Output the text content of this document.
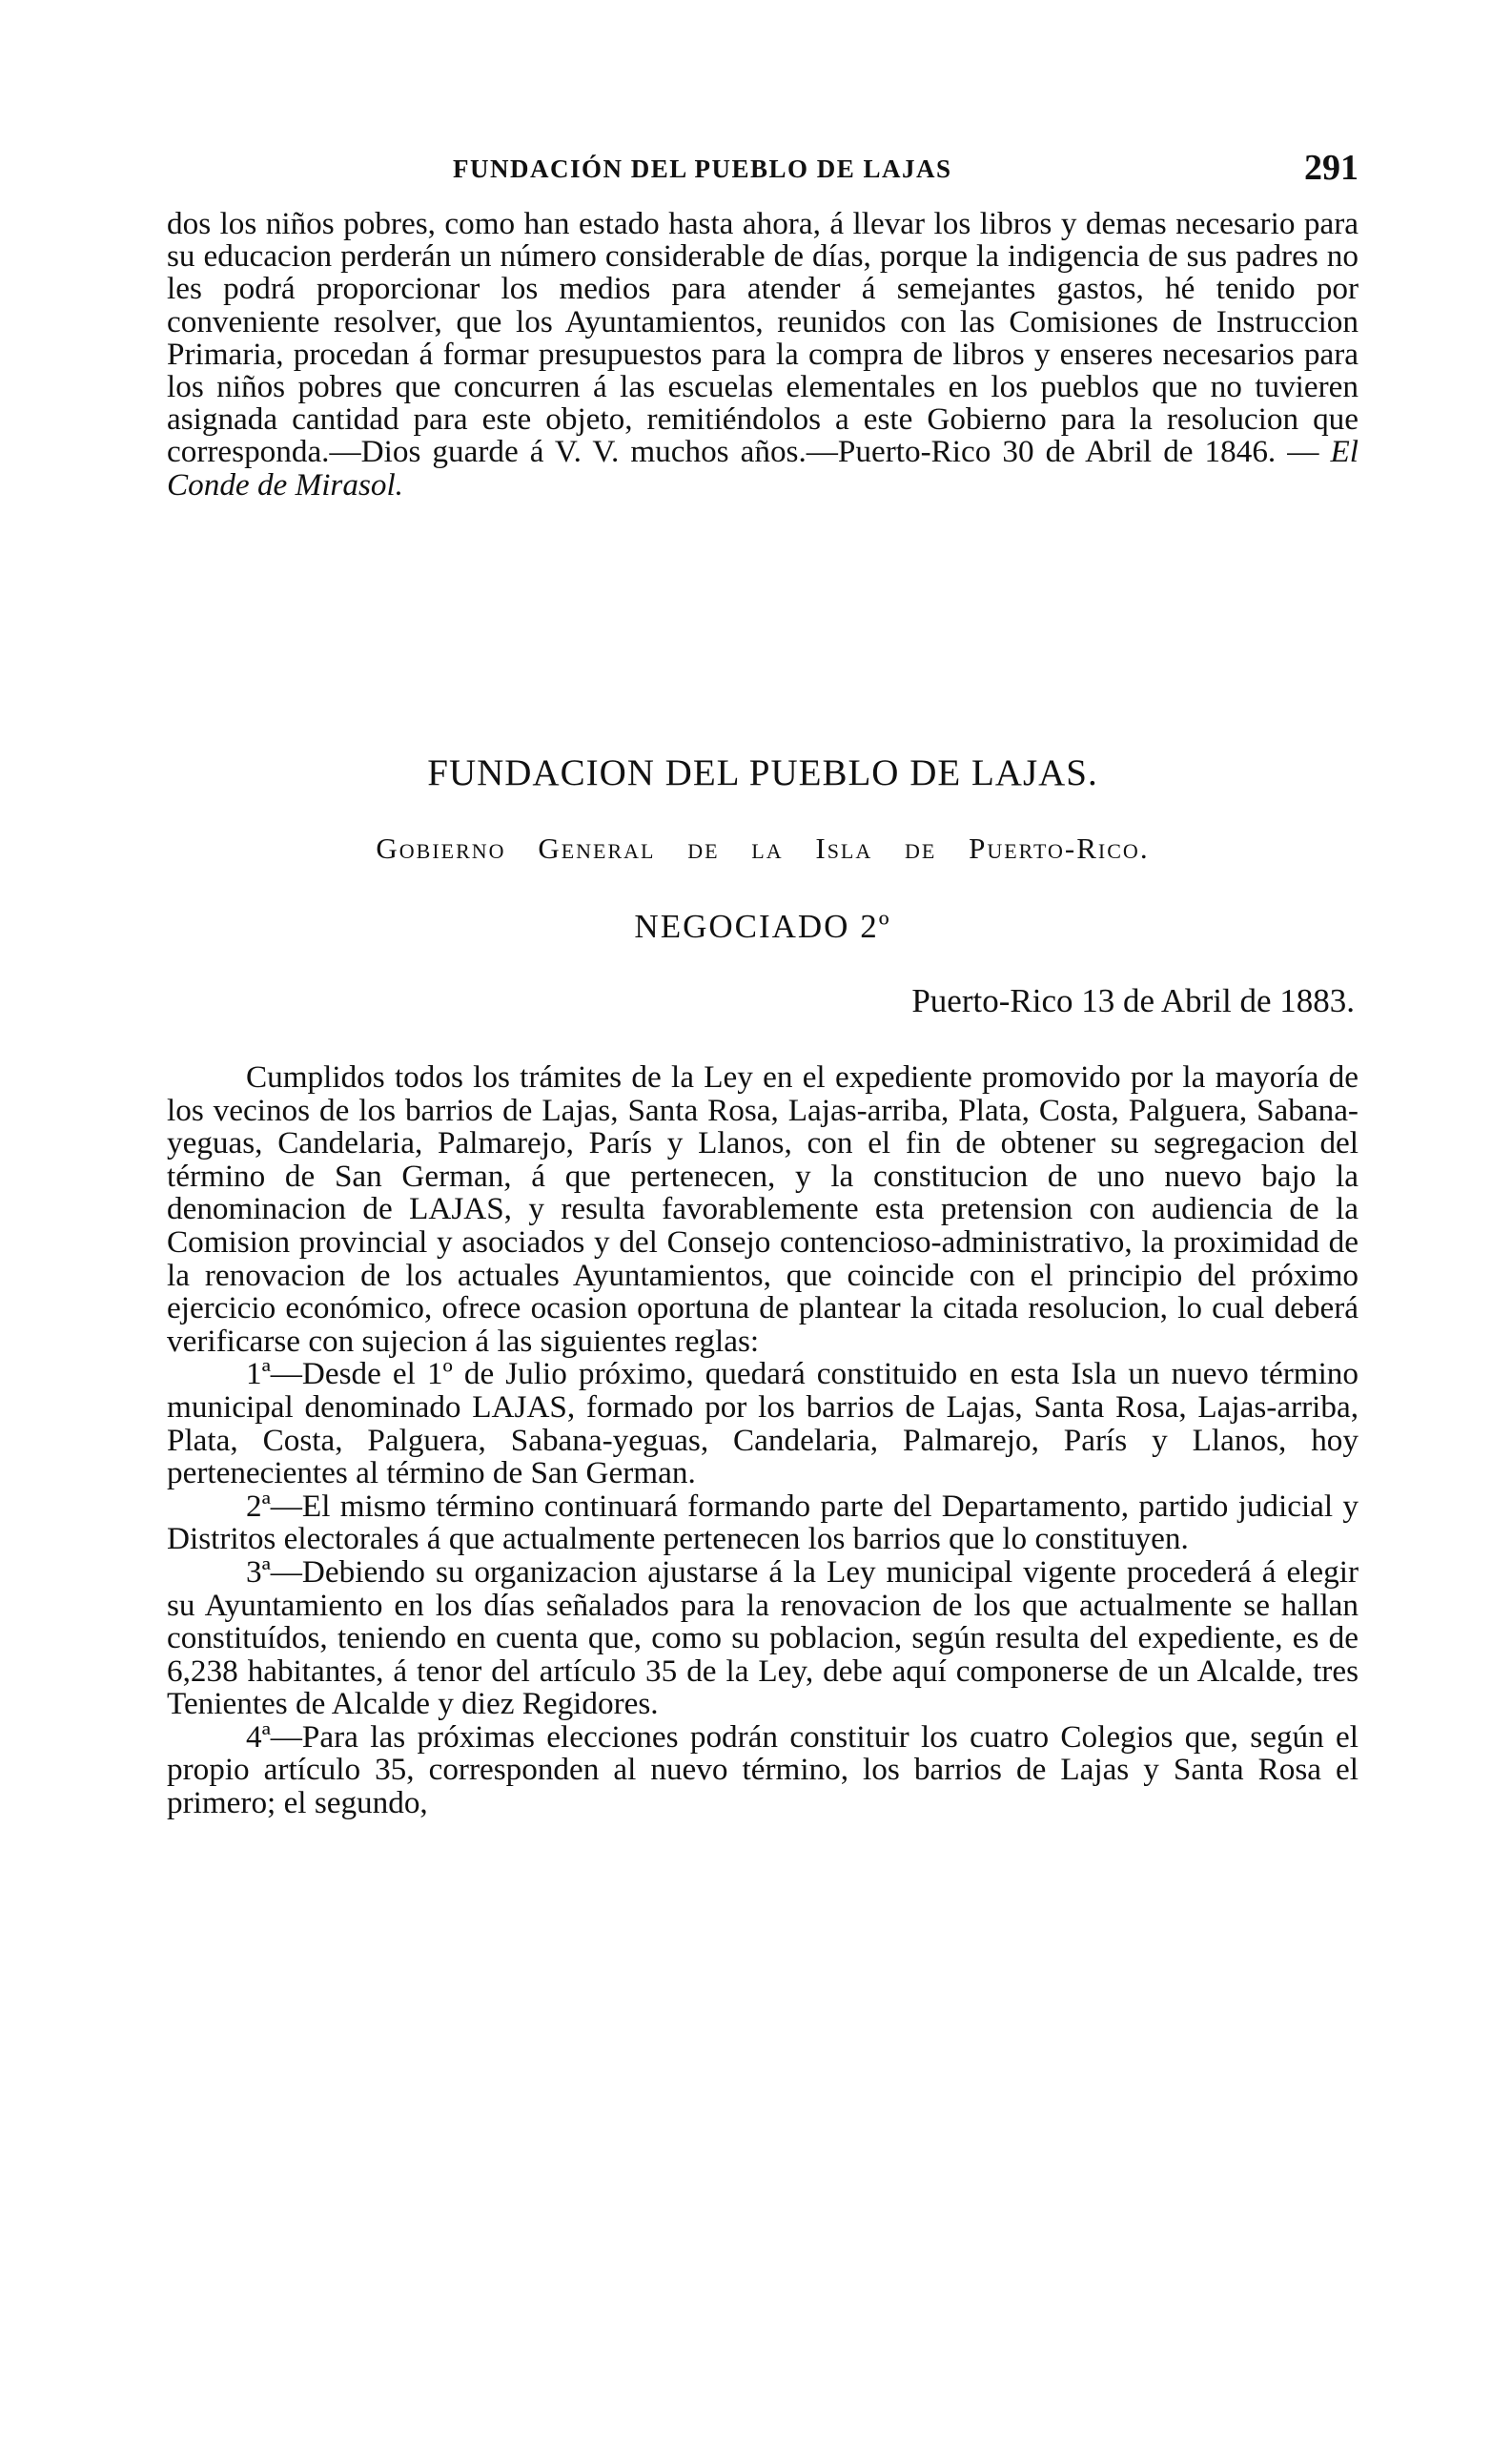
FUNDACIÓN DEL PUEBLO DE LAJAS	291

dos los niños pobres, como han estado hasta ahora, á llevar los libros y demas necesario para su educacion perderán un número considerable de días, porque la indigencia de sus padres no les podrá proporcionar los medios para atender á semejantes gastos, hé tenido por conveniente resolver, que los Ayuntamientos, reunidos con las Comisiones de Instruccion Primaria, procedan á formar presupuestos para la compra de libros y enseres necesarios para los niños pobres que concurren á las escuelas elementales en los pueblos que no tuvieren asignada cantidad para este objeto, remitiéndolos a este Gobierno para la resolucion que corresponda.—Dios guarde á V. V. muchos años.—Puerto-Rico 30 de Abril de 1846. — El Conde de Mirasol.

FUNDACION DEL PUEBLO DE LAJAS.
Gobierno General de la Isla de Puerto-Rico.
NEGOCIADO 2º
Puerto-Rico 13 de Abril de 1883.

Cumplidos todos los trámites de la Ley en el expediente promovido por la mayoría de los vecinos de los barrios de Lajas, Santa Rosa, Lajas-arriba, Plata, Costa, Palguera, Sabana-yeguas, Candelaria, Palmarejo, París y Llanos, con el fin de obtener su segregacion del término de San German, á que pertenecen, y la constitucion de uno nuevo bajo la denominacion de LAJAS, y resulta favorablemente esta pretension con audiencia de la Comision provincial y asociados y del Consejo contencioso-administrativo, la proximidad de la renovacion de los actuales Ayuntamientos, que coincide con el principio del próximo ejercicio económico, ofrece ocasion oportuna de plantear la citada resolucion, lo cual deberá verificarse con sujecion á las siguientes reglas:

1ª—Desde el 1º de Julio próximo, quedará constituido en esta Isla un nuevo término municipal denominado LAJAS, formado por los barrios de Lajas, Santa Rosa, Lajas-arriba, Plata, Costa, Palguera, Sabana-yeguas, Candelaria, Palmarejo, París y Llanos, hoy pertenecientes al término de San German.

2ª—El mismo término continuará formando parte del Departamento, partido judicial y Distritos electorales á que actualmente pertenecen los barrios que lo constituyen.

3ª—Debiendo su organizacion ajustarse á la Ley municipal vigente procederá á elegir su Ayuntamiento en los días señalados para la renovacion de los que actualmente se hallan constituídos, teniendo en cuenta que, como su poblacion, según resulta del expediente, es de 6,238 habitantes, á tenor del artículo 35 de la Ley, debe aquí componerse de un Alcalde, tres Tenientes de Alcalde y diez Regidores.

4ª—Para las próximas elecciones podrán constituir los cuatro Colegios que, según el propio artículo 35, corresponden al nuevo término, los barrios de Lajas y Santa Rosa el primero; el segundo,
